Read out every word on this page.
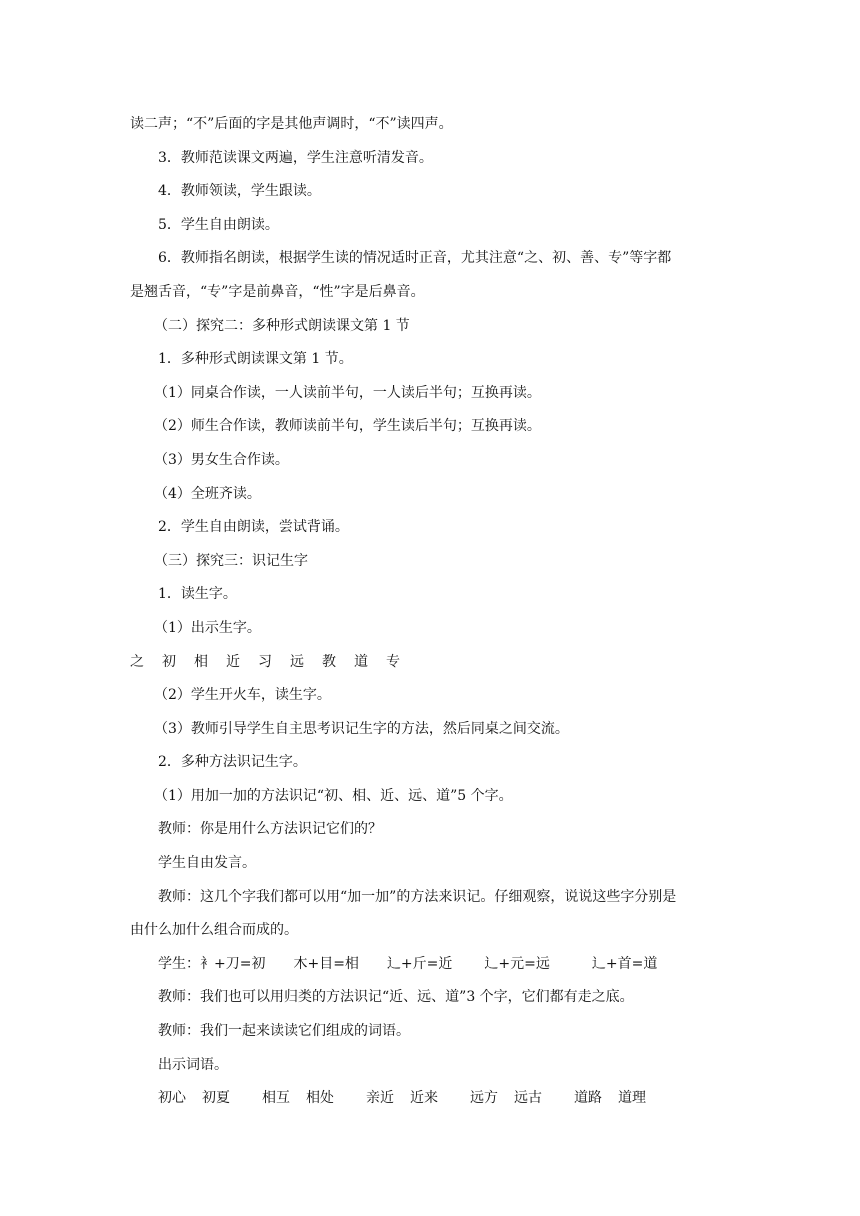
读二声；“不”后面的字是其他声调时，“不”读四声。

3．教师范读课文两遍，学生注意听清发音。

4．教师领读，学生跟读。

5．学生自由朗读。

6．教师指名朗读，根据学生读的情况适时正音，尤其注意“之、初、善、专”等字都

是翘舌音，“专”字是前鼻音，“性”字是后鼻音。

（二）探究二：多种形式朗读课文第 1 节

1．多种形式朗读课文第 1 节。

（1）同桌合作读，一人读前半句，一人读后半句；互换再读。

（2）师生合作读，教师读前半句，学生读后半句；互换再读。

（3）男女生合作读。

（4）全班齐读。

2．学生自由朗读，尝试背诵。

（三）探究三：识记生字

1．读生字。

（1）出示生字。

之 初 相 近 习 远 教 道 专

（2）学生开火车，读生字。

（3）教师引导学生自主思考识记生字的方法，然后同桌之间交流。

2．多种方法识记生字。

（1）用加一加的方法识记“初、相、近、远、道”5 个字。

教师：你是用什么方法识记它们的？

学生自由发言。

教师：这几个字我们都可以用“加一加”的方法来识记。仔细观察，说说这些字分别是

由什么加什么组合而成的。

学生： 衤+刀=初 木+目=相 辶+斤=近 辶+元=远	辶+首=道

教师：我们也可以用归类的方法识记“近、远、道”3 个字，它们都有走之底。

教师：我们一起来读读它们组成的词语。

出示词语。

初心 初夏 相互 相处 亲近 近来 远方 远古 道路 道理
